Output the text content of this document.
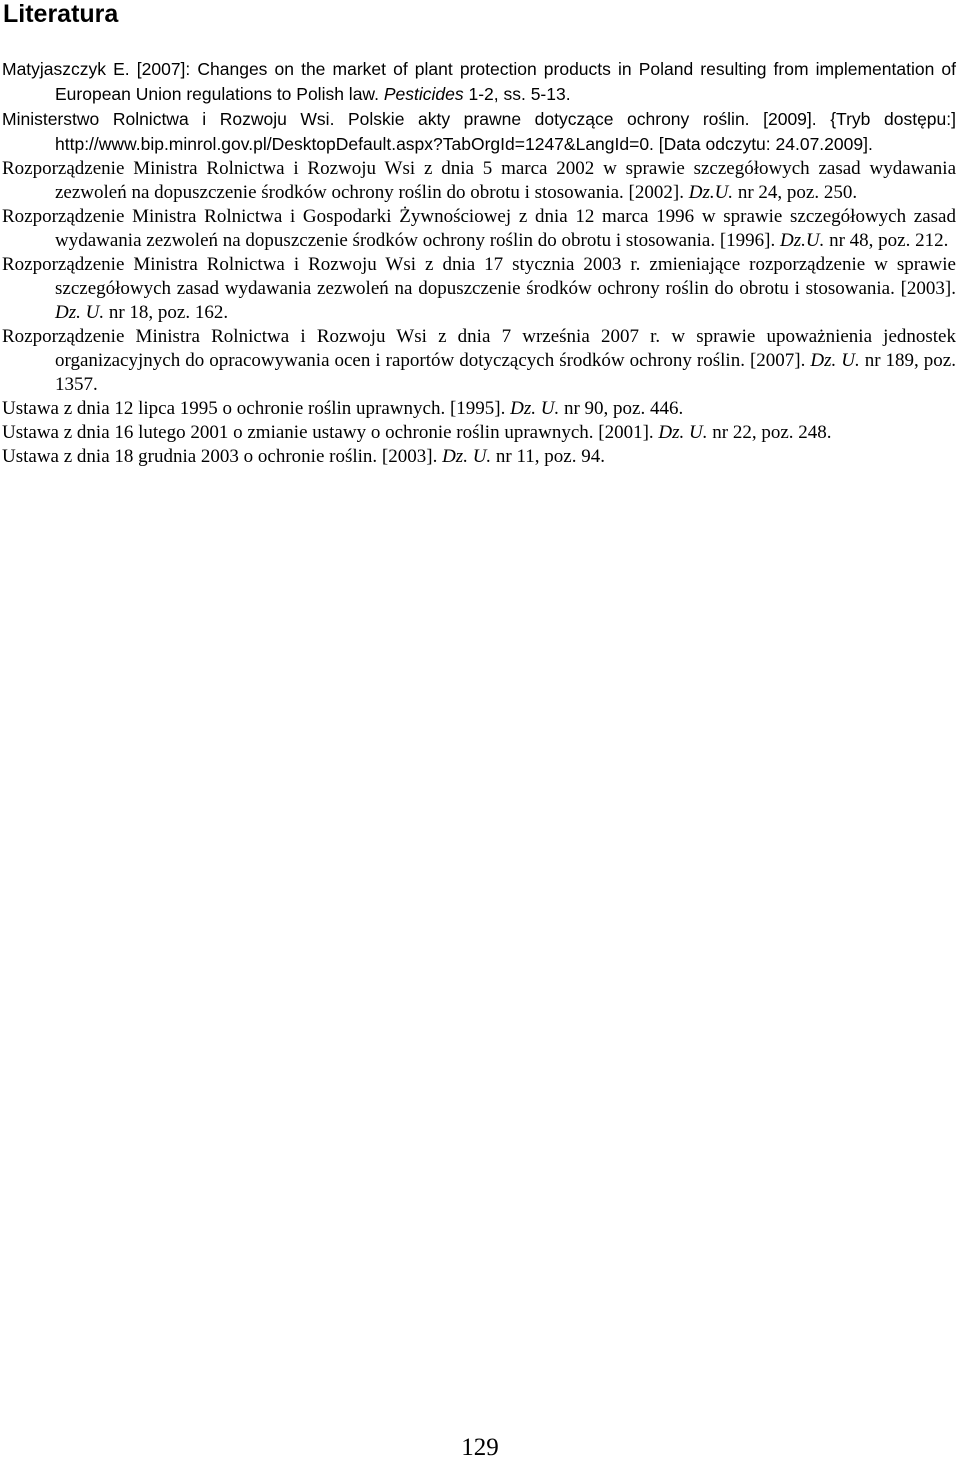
Literatura
Matyjaszczyk E. [2007]: Changes on the market of plant protection products in Poland resulting from implementation of European Union regulations to Polish law. Pesticides 1-2, ss. 5-13.
Ministerstwo Rolnictwa i Rozwoju Wsi. Polskie akty prawne dotyczące ochrony roślin. [2009]. {Tryb dostępu:] http://www.bip.minrol.gov.pl/DesktopDefault.aspx?TabOrgId=1247&LangId=0. [Data odczytu: 24.07.2009].
Rozporządzenie Ministra Rolnictwa i Rozwoju Wsi z dnia 5 marca 2002 w sprawie szczegółowych zasad wydawania zezwoleń na dopuszczenie środków ochrony roślin do obrotu i stosowania. [2002]. Dz.U. nr 24, poz. 250.
Rozporządzenie Ministra Rolnictwa i Gospodarki Żywnościowej z dnia 12 marca 1996 w sprawie szczegółowych zasad wydawania zezwoleń na dopuszczenie środków ochrony roślin do obrotu i stosowania. [1996]. Dz.U. nr 48, poz. 212.
Rozporządzenie Ministra Rolnictwa i Rozwoju Wsi z dnia 17 stycznia 2003 r. zmieniające rozporządzenie w sprawie szczegółowych zasad wydawania zezwoleń na dopuszczenie środków ochrony roślin do obrotu i stosowania. [2003]. Dz. U. nr 18, poz. 162.
Rozporządzenie Ministra Rolnictwa i Rozwoju Wsi z dnia 7 września 2007 r. w sprawie upoważnienia jednostek organizacyjnych do opracowywania ocen i raportów dotyczących środków ochrony roślin. [2007]. Dz. U. nr 189, poz. 1357.
Ustawa z dnia 12 lipca 1995 o ochronie roślin uprawnych. [1995]. Dz. U. nr 90, poz. 446.
Ustawa z dnia 16 lutego 2001 o zmianie ustawy o ochronie roślin uprawnych. [2001]. Dz. U. nr 22, poz. 248.
Ustawa z dnia 18 grudnia 2003 o ochronie roślin. [2003]. Dz. U. nr 11, poz. 94.
129
